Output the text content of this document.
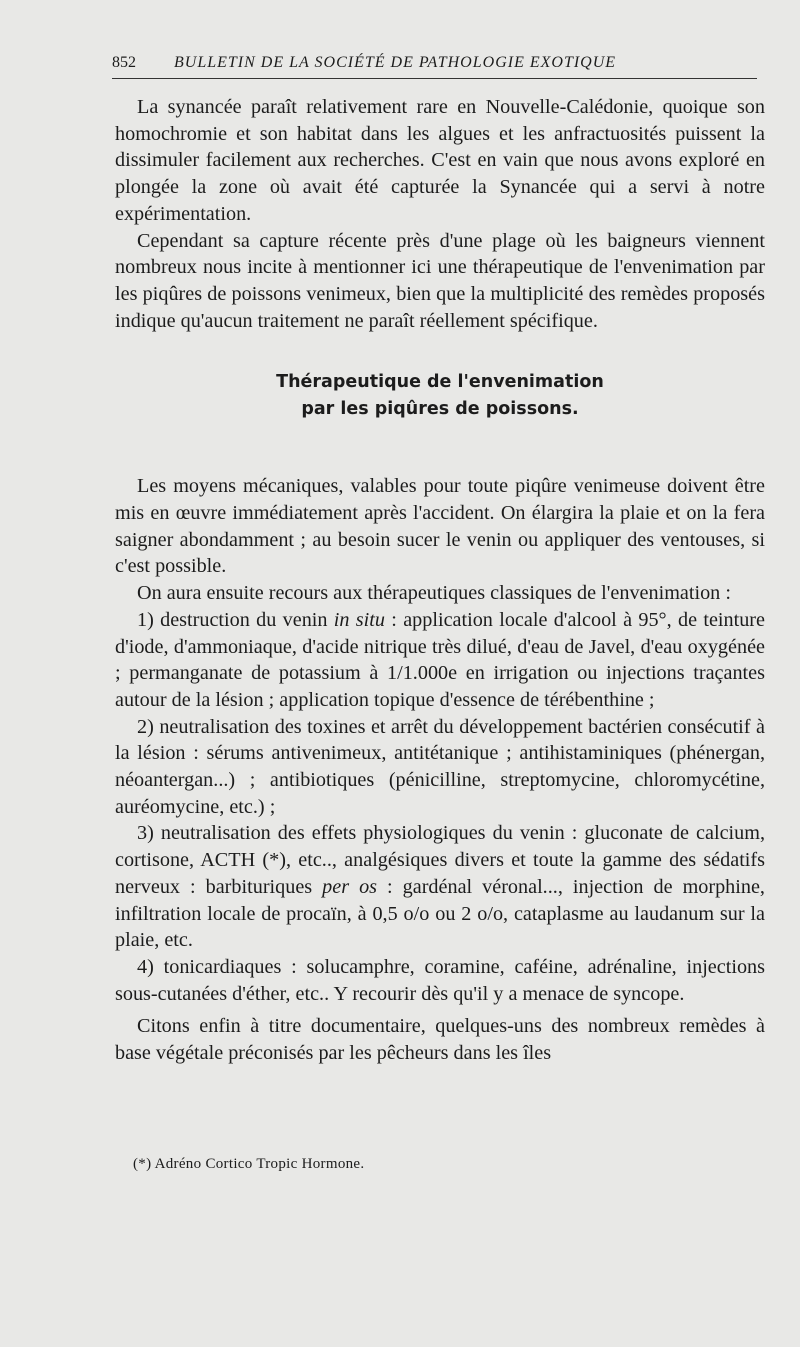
852 BULLETIN DE LA SOCIÉTÉ DE PATHOLOGIE EXOTIQUE

La synancée paraît relativement rare en Nouvelle-Calédonie, quoique son homochromie et son habitat dans les algues et les anfractuosités puissent la dissimuler facilement aux recherches. C'est en vain que nous avons exploré en plongée la zone où avait été capturée la Synancée qui a servi à notre expérimentation.

Cependant sa capture récente près d'une plage où les baigneurs viennent nombreux nous incite à mentionner ici une thérapeutique de l'envenimation par les piqûres de poissons venimeux, bien que la multiplicité des remèdes proposés indique qu'aucun traitement ne paraît réellement spécifique.

Thérapeutique de l'envenimation
par les piqûres de poissons.

Les moyens mécaniques, valables pour toute piqûre venimeuse doivent être mis en œuvre immédiatement après l'accident. On élargira la plaie et on la fera saigner abondamment ; au besoin sucer le venin ou appliquer des ventouses, si c'est possible.

On aura ensuite recours aux thérapeutiques classiques de l'envenimation :

1) destruction du venin in situ : application locale d'alcool à 95°, de teinture d'iode, d'ammoniaque, d'acide nitrique très dilué, d'eau de Javel, d'eau oxygénée ; permanganate de potassium à 1/1.000e en irrigation ou injections traçantes autour de la lésion ; application topique d'essence de térébenthine ;

2) neutralisation des toxines et arrêt du développement bactérien consécutif à la lésion : sérums antivenimeux, antitétanique ; antihistaminiques (phénergan, néoantergan...) ; antibiotiques (pénicilline, streptomycine, chloromycétine, auréomycine, etc.) ;

3) neutralisation des effets physiologiques du venin : gluconate de calcium, cortisone, ACTH (*), etc.., analgésiques divers et toute la gamme des sédatifs nerveux : barbituriques per os : gardénal véronal..., injection de morphine, infiltration locale de procaïn, à 0,5 o/o ou 2 o/o, cataplasme au laudanum sur la plaie, etc.

4) tonicardiaques : solucamphre, coramine, caféine, adrénaline, injections sous-cutanées d'éther, etc.. Y recourir dès qu'il y a menace de syncope.

Citons enfin à titre documentaire, quelques-uns des nombreux remèdes à base végétale préconisés par les pêcheurs dans les îles

(*) Adréno Cortico Tropic Hormone.
